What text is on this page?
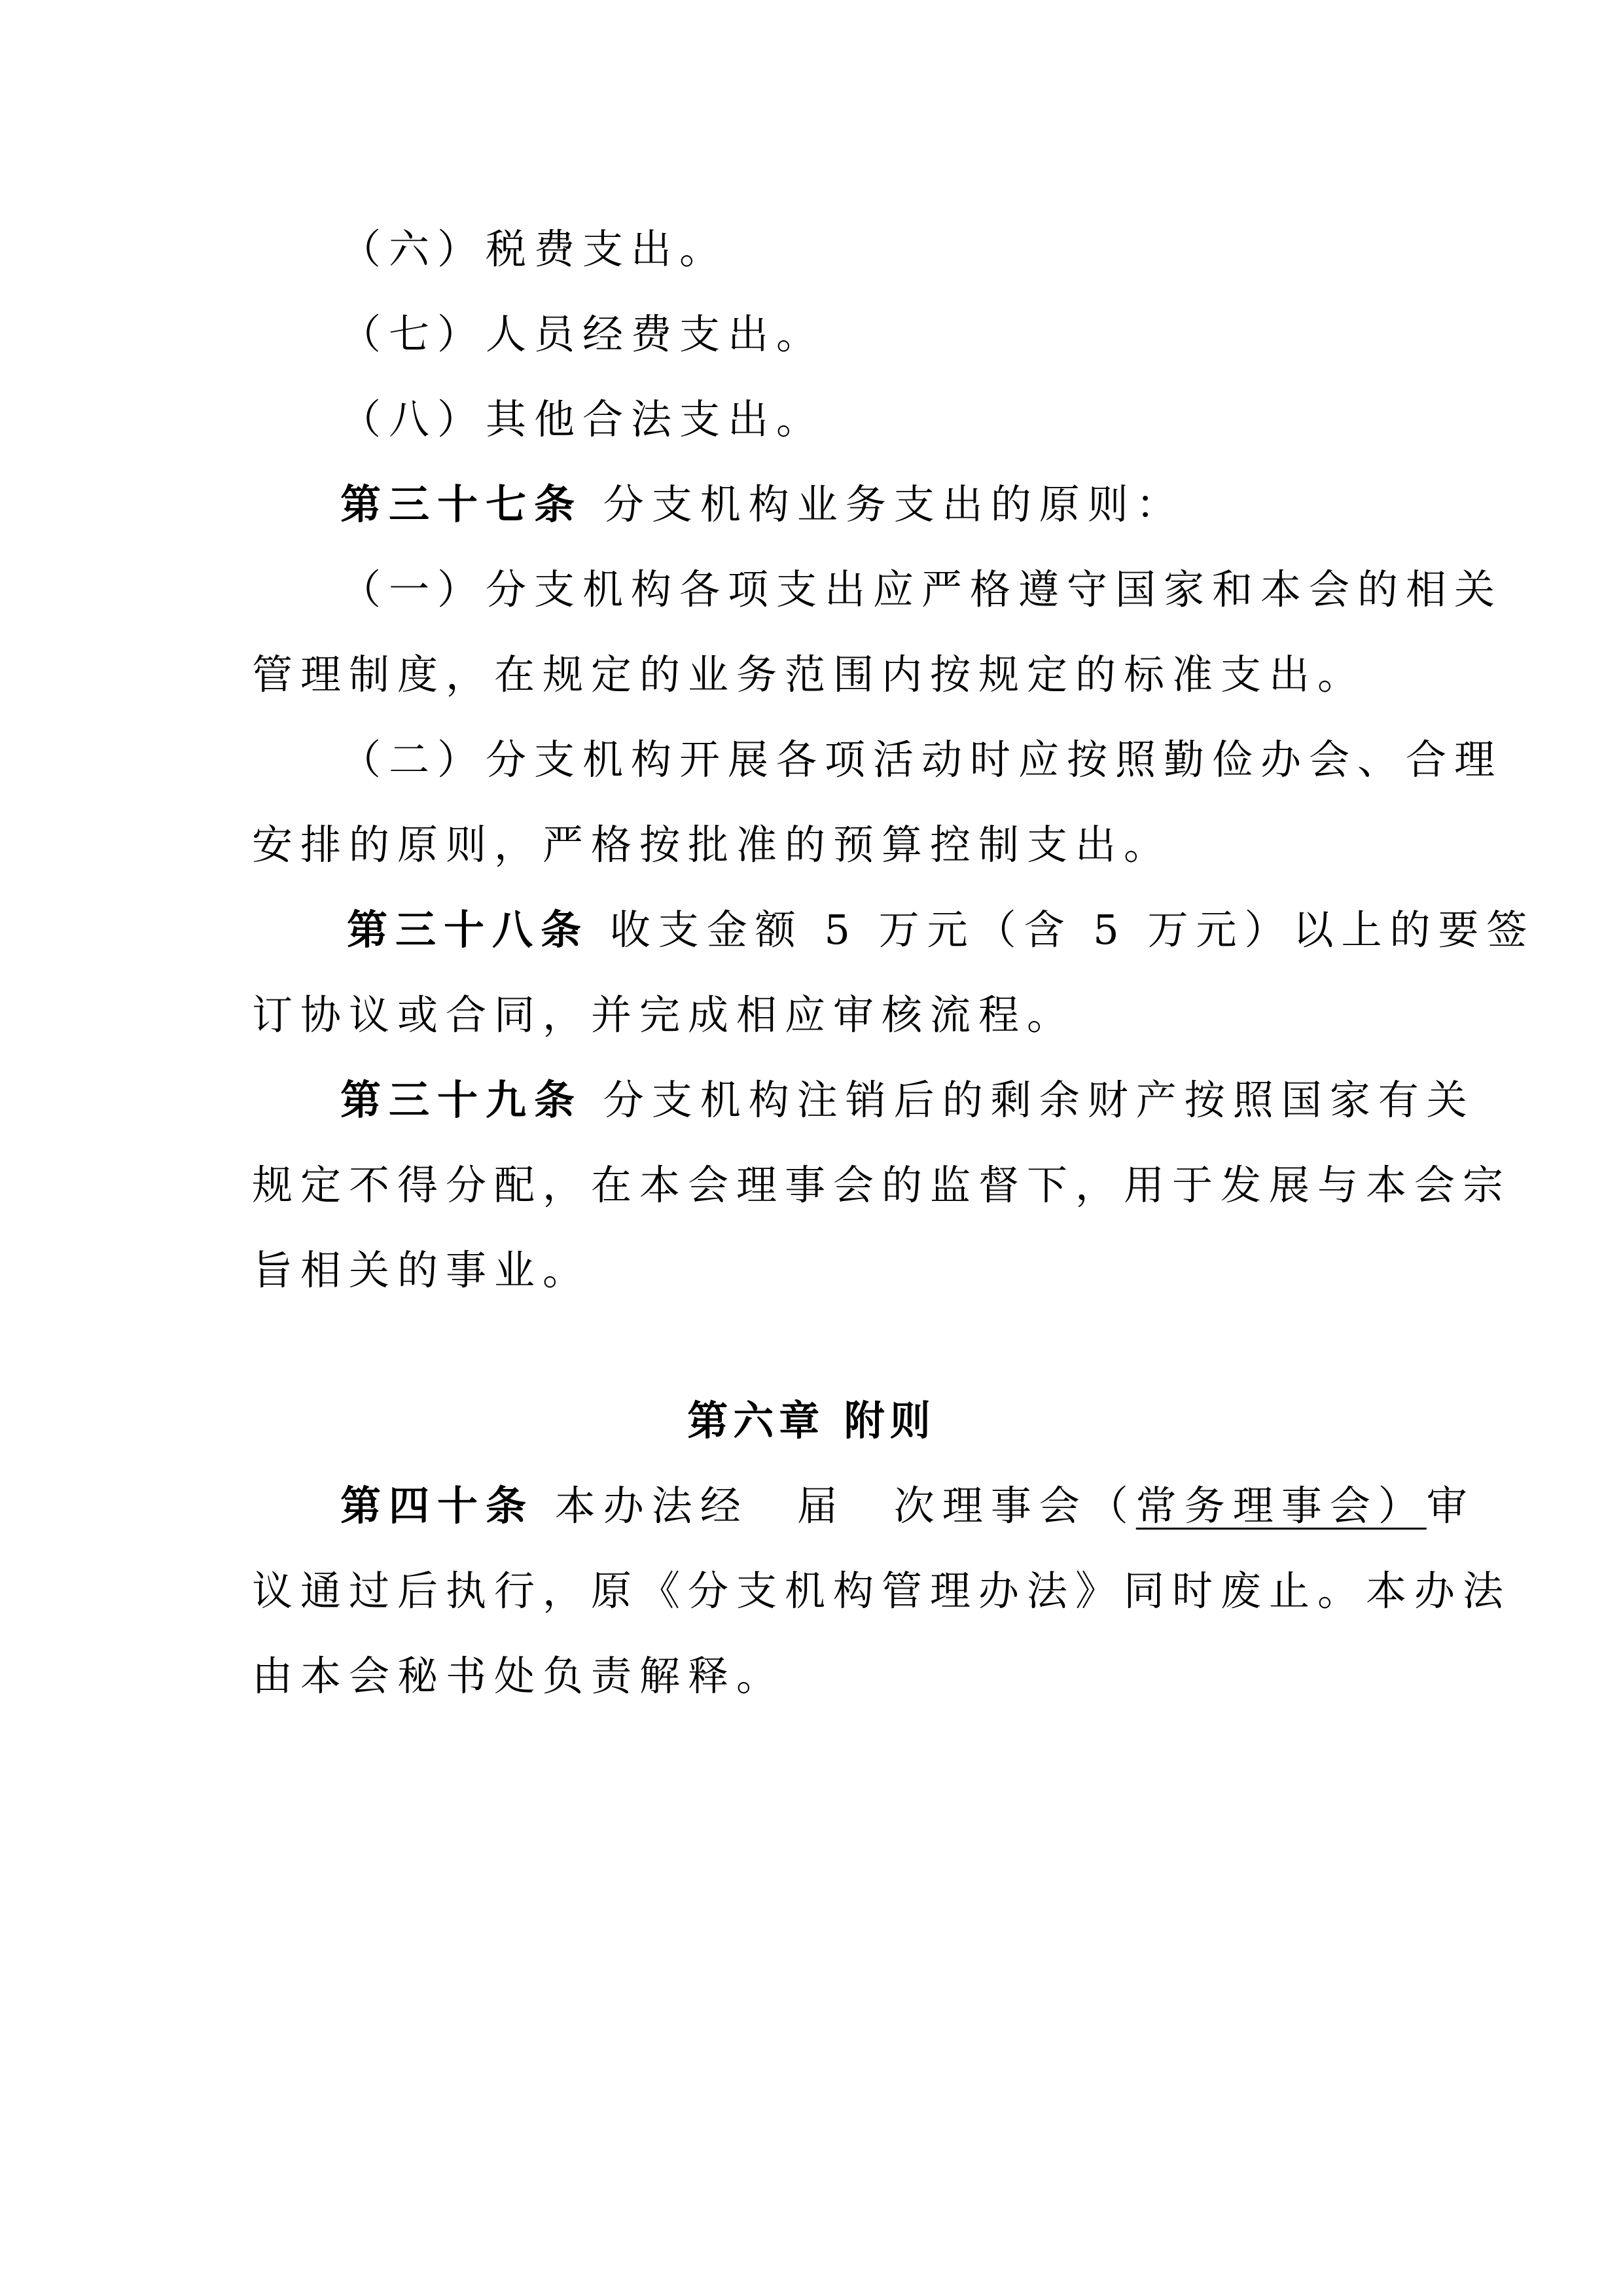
（六）税费支出。
（七）人员经费支出。
（八）其他合法支出。
第三十七条 分支机构业务支出的原则：
（一）分支机构各项支出应严格遵守国家和本会的相关
管理制度，在规定的业务范围内按规定的标准支出。
（二）分支机构开展各项活动时应按照勤俭办会、合理
安排的原则，严格按批准的预算控制支出。
第三十八条 收支金额 5 万元（含 5 万元）以上的要签
订协议或合同，并完成相应审核流程。
第三十九条 分支机构注销后的剩余财产按照国家有关
规定不得分配，在本会理事会的监督下，用于发展与本会宗
旨相关的事业。
第六章 附则
第四十条 本办法经　届　次理事会（常务理事会）审
议通过后执行，原《分支机构管理办法》同时废止。本办法
由本会秘书处负责解释。
